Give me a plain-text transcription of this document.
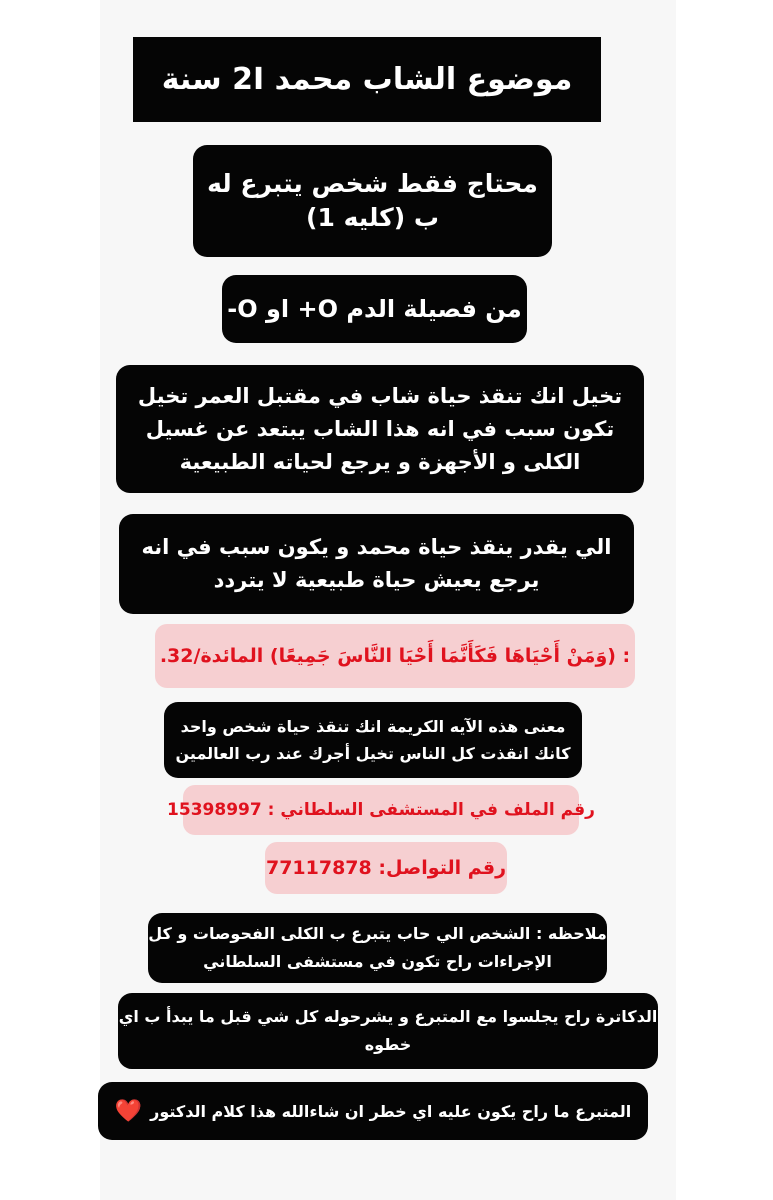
موضوع الشاب محمد 2I سنة
محتاج فقط شخص يتبرع له
ب (كليه 1)
من فصيلة الدم O+ او O-
تخيل انك تنقذ حياة شاب في مقتبل العمر تخيل
تكون سبب في انه هذا الشاب يبتعد عن غسيل
الكلى و الأجهزة و يرجع لحياته الطبيعية
الي يقدر ينقذ حياة محمد و يكون سبب في انه
يرجع يعيش حياة طبيعية لا يتردد
: (وَمَنْ أَحْيَاهَا فَكَأَنَّمَا أَحْيَا النَّاسَ جَمِيعًا) المائدة/32.
معنى هذه الآيه الكريمة انك تنقذ حياة شخص واحد
كانك انقذت كل الناس تخيل أجرك عند رب العالمين
رقم الملف في المستشفى السلطاني : 15398997
رقم التواصل: 77117878
ملاحظه : الشخص الي حاب يتبرع ب الكلى الفحوصات و كل
الإجراءات راح تكون في مستشفى السلطاني
الدكاترة راح يجلسوا مع المتبرع و يشرحوله كل شي قبل ما يبدأ ب اي
خطوه
المتبرع ما راح يكون عليه اي خطر ان شاءالله هذا كلام الدكتور
❤️
